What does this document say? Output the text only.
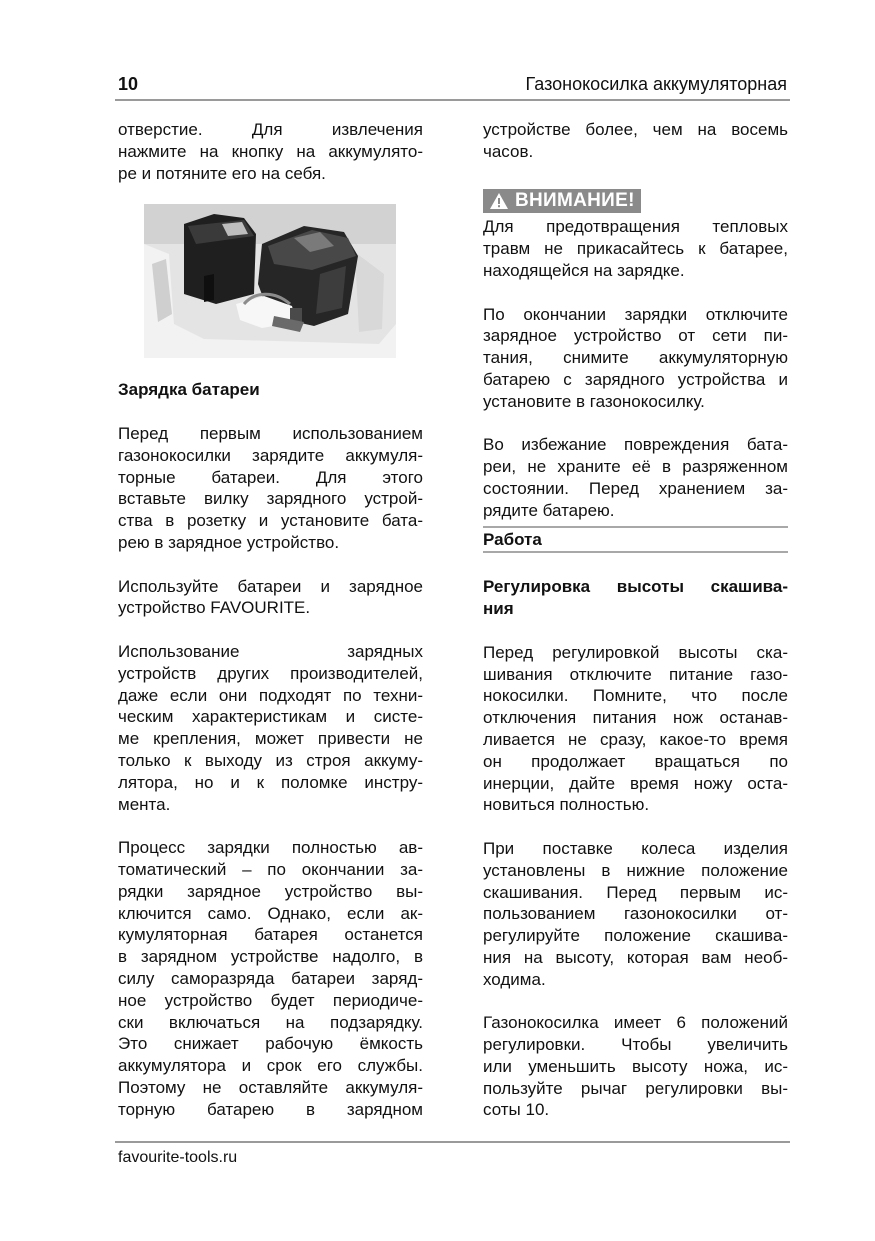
10	Газонокосилка аккумуляторная
отверстие. Для извлечения
нажмите на кнопку на аккумулято-
ре и потяните его на себя.
Зарядка батареи
Перед первым использованием
газонокосилки зарядите аккумуля-
торные батареи. Для этого
вставьте вилку зарядного устрой-
ства в розетку и установите бата-
рею в зарядное устройство.
Используйте батареи и зарядное
устройство FAVOURITE.
Использование зарядных
устройств других производителей,
даже если они подходят по техни-
ческим характеристикам и систе-
ме крепления, может привести не
только к выходу из строя аккуму-
лятора, но и к поломке инстру-
мента.
Процесс зарядки полностью ав-
томатический – по окончании за-
рядки зарядное устройство вы-
ключится само. Однако, если ак-
кумуляторная батарея останется
в зарядном устройстве надолго, в
силу саморазряда батареи заряд-
ное устройство будет периодиче-
ски включаться на подзарядку.
Это снижает рабочую ёмкость
аккумулятора и срок его службы.
Поэтому не оставляйте аккумуля-
торную батарею в зарядном
устройстве более, чем на восемь
часов.
ВНИМАНИЕ!
Для предотвращения тепловых
травм не прикасайтесь к батарее,
находящейся на зарядке.
По окончании зарядки отключите
зарядное устройство от сети пи-
тания, снимите аккумуляторную
батарею с зарядного устройства и
установите в газонокосилку.
Во избежание повреждения бата-
реи, не храните её в разряженном
состоянии. Перед хранением за-
рядите батарею.
Работа
Регулировка высоты скашива-
ния
Перед регулировкой высоты ска-
шивания отключите питание газо-
нокосилки. Помните, что после
отключения питания нож останав-
ливается не сразу, какое-то время
он продолжает вращаться по
инерции, дайте время ножу оста-
новиться полностью.
При поставке колеса изделия
установлены в нижние положение
скашивания. Перед первым ис-
пользованием газонокосилки от-
регулируйте положение скашива-
ния на высоту, которая вам необ-
ходима.
Газонокосилка имеет 6 положений
регулировки. Чтобы увеличить
или уменьшить высоту ножа, ис-
пользуйте рычаг регулировки вы-
соты 10.
favourite-tools.ru
